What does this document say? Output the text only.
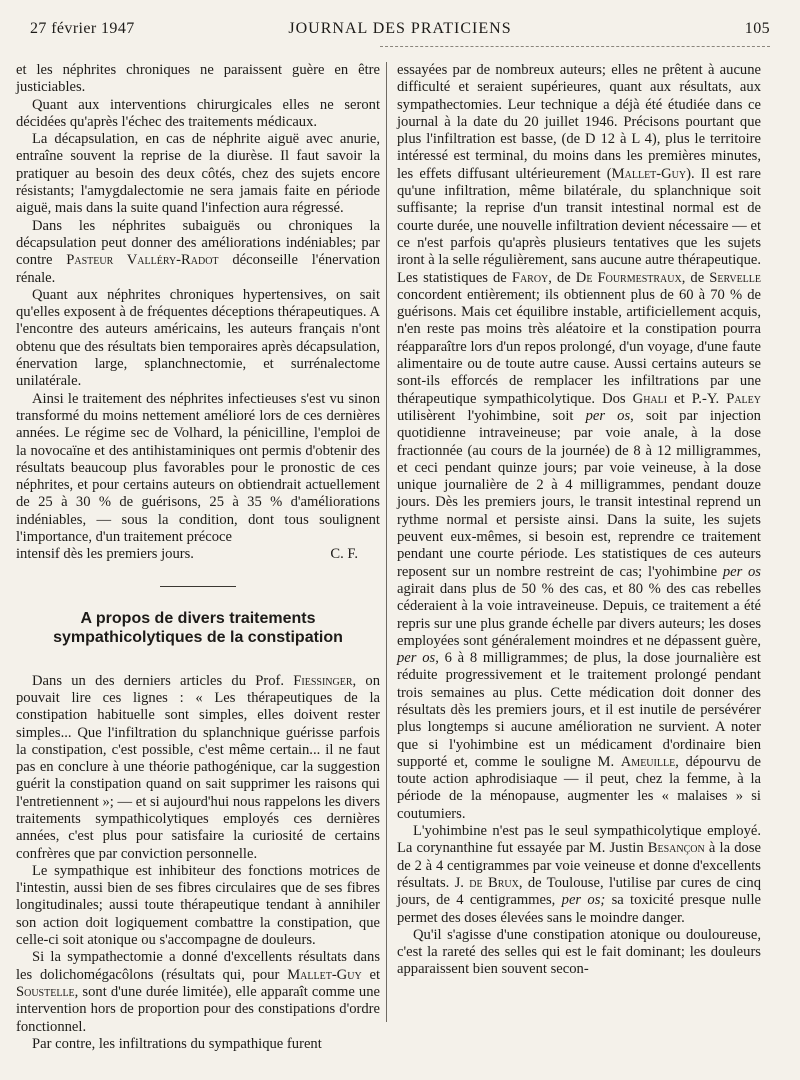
27 février 1947	JOURNAL DES PRATICIENS	105

et les néphrites chroniques ne paraissent guère en être justiciables.

Quant aux interventions chirurgicales elles ne seront décidées qu'après l'échec des traitements médicaux.

La décapsulation, en cas de néphrite aiguë avec anurie, entraîne souvent la reprise de la diurèse. Il faut savoir la pratiquer au besoin des deux côtés, chez des sujets encore résistants; l'amygdalectomie ne sera jamais faite en période aiguë, mais dans la suite quand l'infection aura régressé.

Dans les néphrites subaiguës ou chroniques la décapsulation peut donner des améliorations indéniables; par contre Pasteur Valléry-Radot déconseille l'énervation rénale.

Quant aux néphrites chroniques hypertensives, on sait qu'elles exposent à de fréquentes déceptions thérapeutiques. A l'encontre des auteurs américains, les auteurs français n'ont obtenu que des résultats bien temporaires après décapsulation, énervation large, splanchnectomie, et surrénalectome unilatérale.

Ainsi le traitement des néphrites infectieuses s'est vu sinon transformé du moins nettement amélioré lors de ces dernières années. Le régime sec de Volhard, la pénicilline, l'emploi de la novocaïne et des antihistaminiques ont permis d'obtenir des résultats beaucoup plus favorables pour le pronostic de ces néphrites, et pour certains auteurs on obtiendrait actuellement de 25 à 30 % de guérisons, 25 à 35 % d'améliorations indéniables, — sous la condition, dont tous soulignent l'importance, d'un traitement précoce

intensif dès les premiers jours.	C. F.

A propos de divers traitements sympathicolytiques de la constipation

Dans un des derniers articles du Prof. Fiessinger, on pouvait lire ces lignes : « Les thérapeutiques de la constipation habituelle sont simples, elles doivent rester simples... Que l'infiltration du splanchnique guérisse parfois la constipation, c'est possible, c'est même certain... il ne faut pas en conclure à une théorie pathogénique, car la suggestion guérit la constipation quand on sait supprimer les raisons qui l'entretiennent »; — et si aujourd'hui nous rappelons les divers traitements sympathicolytiques employés ces dernières années, c'est plus pour satisfaire la curiosité de certains confrères que par conviction personnelle.

Le sympathique est inhibiteur des fonctions motrices de l'intestin, aussi bien de ses fibres circulaires que de ses fibres longitudinales; aussi toute thérapeutique tendant à annihiler son action doit logiquement combattre la constipation, que celle-ci soit atonique ou s'accompagne de douleurs.

Si la sympathectomie a donné d'excellents résultats dans les dolichomégacôlons (résultats qui, pour Mallet-Guy et Soustelle, sont d'une durée limitée), elle apparaît comme une intervention hors de proportion pour des constipations d'ordre fonctionnel.

Par contre, les infiltrations du sympathique furent

essayées par de nombreux auteurs; elles ne prêtent à aucune difficulté et seraient supérieures, quant aux résultats, aux sympathectomies. Leur technique a déjà été étudiée dans ce journal à la date du 20 juillet 1946. Précisons pourtant que plus l'infiltration est basse, (de D 12 à L 4), plus le territoire intéressé est terminal, du moins dans les premières minutes, les effets diffusant ultérieurement (Mallet-Guy). Il est rare qu'une infiltration, même bilatérale, du splanchnique soit suffisante; la reprise d'un transit intestinal normal est de courte durée, une nouvelle infiltration devient nécessaire — et ce n'est parfois qu'après plusieurs tentatives que les sujets iront à la selle régulièrement, sans aucune autre thérapeutique. Les statistiques de Faroy, de De Fourmestraux, de Servelle concordent entièrement; ils obtiennent plus de 60 à 70 % de guérisons. Mais cet équilibre instable, artificiellement acquis, n'en reste pas moins très aléatoire et la constipation pourra réapparaître lors d'un repos prolongé, d'un voyage, d'une faute alimentaire ou de toute autre cause. Aussi certains auteurs se sont-ils efforcés de remplacer les infiltrations par une thérapeutique sympathicolytique. Dos Ghali et P.-Y. Paley utilisèrent l'yohimbine, soit per os, soit par injection quotidienne intraveineuse; par voie anale, à la dose fractionnée (au cours de la journée) de 8 à 12 milligrammes, et ceci pendant quinze jours; par voie veineuse, à la dose unique journalière de 2 à 4 milligrammes, pendant douze jours. Dès les premiers jours, le transit intestinal reprend un rythme normal et persiste ainsi. Dans la suite, les sujets peuvent eux-mêmes, si besoin est, reprendre ce traitement pendant une courte période. Les statistiques de ces auteurs reposent sur un nombre restreint de cas; l'yohimbine per os agirait dans plus de 50 % des cas, et 80 % des cas rebelles céderaient à la voie intraveineuse. Depuis, ce traitement a été repris sur une plus grande échelle par divers auteurs; les doses employées sont généralement moindres et ne dépassent guère, per os, 6 à 8 milligrammes; de plus, la dose journalière est réduite progressivement et le traitement prolongé pendant trois semaines au plus. Cette médication doit donner des résultats dès les premiers jours, et il est inutile de persévérer plus longtemps si aucune amélioration ne survient. A noter que si l'yohimbine est un médicament d'ordinaire bien supporté et, comme le souligne M. Ameuille, dépourvu de toute action aphrodisiaque — il peut, chez la femme, à la période de la ménopause, augmenter les « malaises » si coutumiers.

L'yohimbine n'est pas le seul sympathicolytique employé. La corynanthine fut essayée par M. Justin Besançon à la dose de 2 à 4 centigrammes par voie veineuse et donne d'excellents résultats. J. de Brux, de Toulouse, l'utilise par cures de cinq jours, de 4 centigrammes, per os; sa toxicité presque nulle permet des doses élevées sans le moindre danger.

Qu'il s'agisse d'une constipation atonique ou douloureuse, c'est la rareté des selles qui est le fait dominant; les douleurs apparaissent bien souvent secon-
